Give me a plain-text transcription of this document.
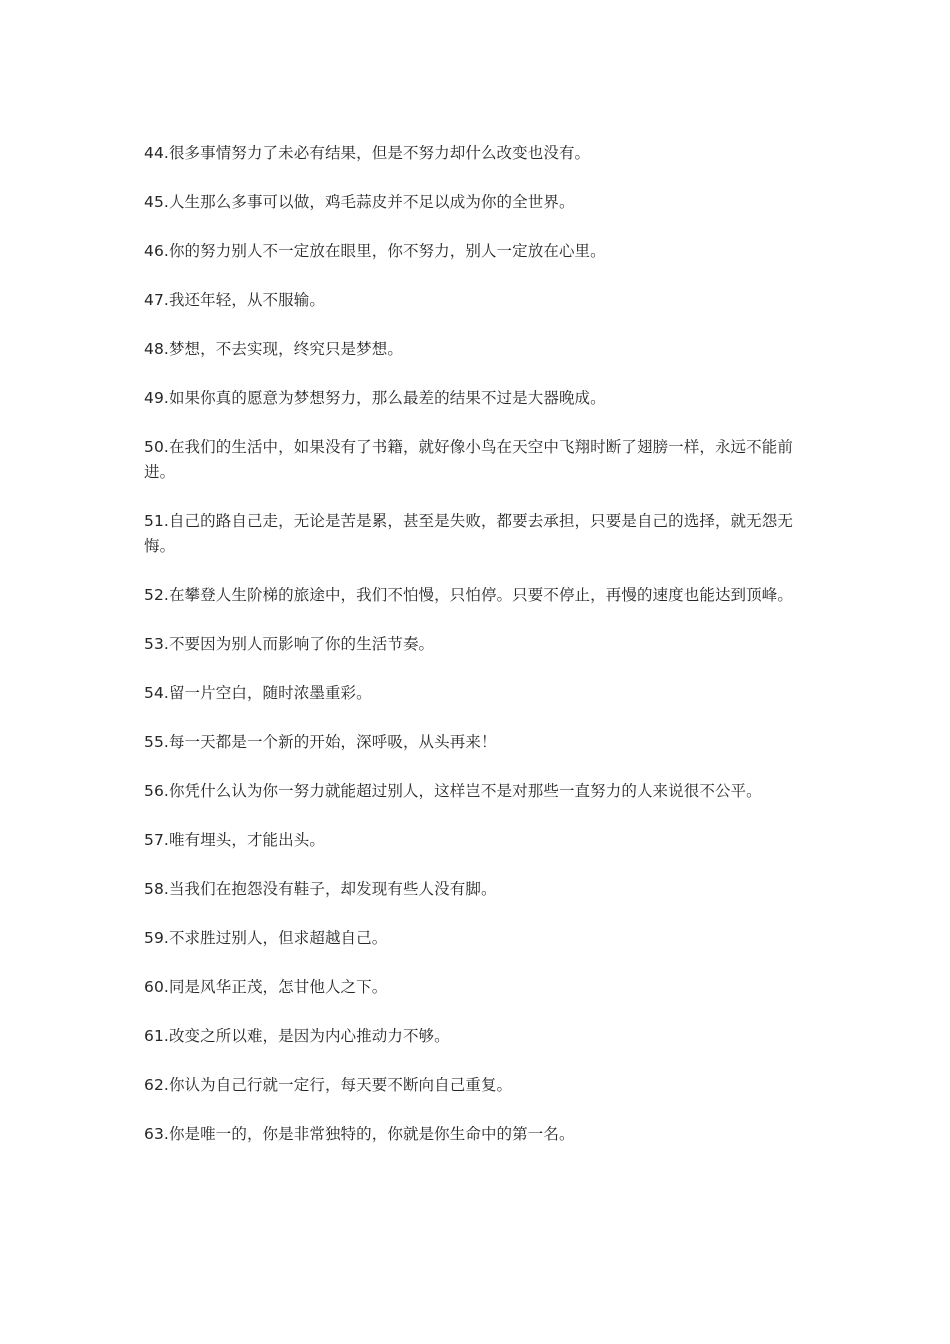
44.很多事情努力了未必有结果，但是不努力却什么改变也没有。

45.人生那么多事可以做，鸡毛蒜皮并不足以成为你的全世界。

46.你的努力别人不一定放在眼里，你不努力，别人一定放在心里。

47.我还年轻，从不服输。

48.梦想，不去实现，终究只是梦想。

49.如果你真的愿意为梦想努力，那么最差的结果不过是大器晚成。

50.在我们的生活中，如果没有了书籍，就好像小鸟在天空中飞翔时断了翅膀一样，永远不能前进。

51.自己的路自己走，无论是苦是累，甚至是失败，都要去承担，只要是自己的选择，就无怨无悔。

52.在攀登人生阶梯的旅途中，我们不怕慢，只怕停。只要不停止，再慢的速度也能达到顶峰。

53.不要因为别人而影响了你的生活节奏。

54.留一片空白，随时浓墨重彩。

55.每一天都是一个新的开始，深呼吸，从头再来！

56.你凭什么认为你一努力就能超过别人，这样岂不是对那些一直努力的人来说很不公平。

57.唯有埋头，才能出头。

58.当我们在抱怨没有鞋子，却发现有些人没有脚。

59.不求胜过别人，但求超越自己。

60.同是风华正茂，怎甘他人之下。

61.改变之所以难，是因为内心推动力不够。

62.你认为自己行就一定行，每天要不断向自己重复。

63.你是唯一的，你是非常独特的，你就是你生命中的第一名。
